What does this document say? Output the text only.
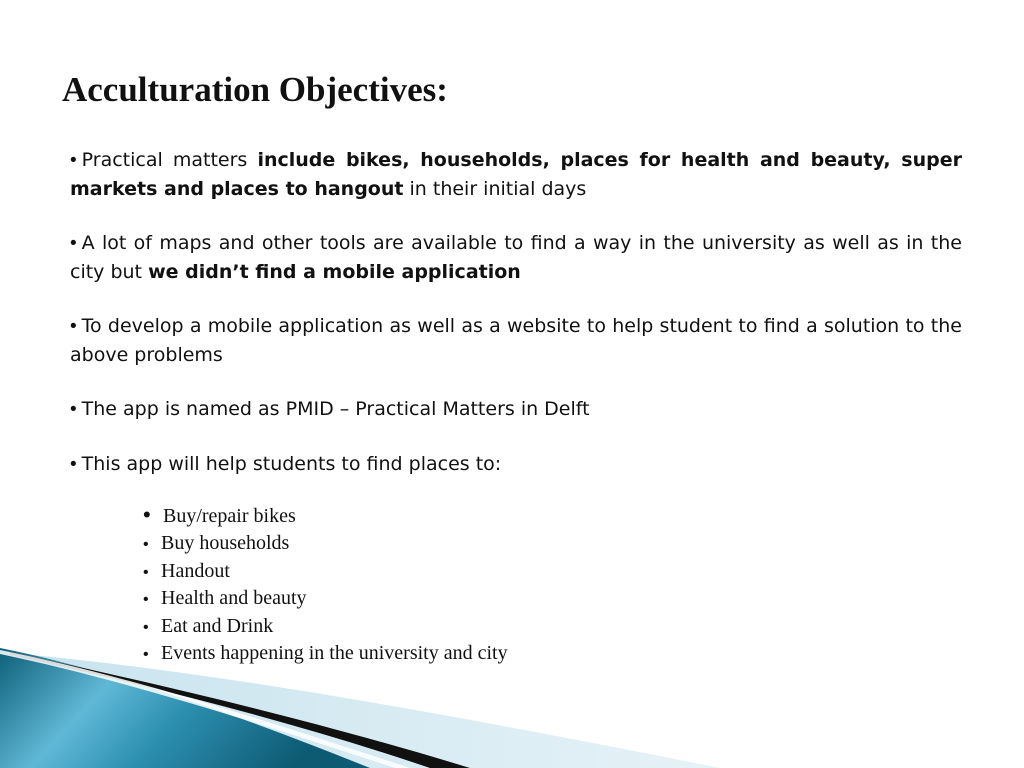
Acculturation Objectives:

• Practical matters include bikes, households, places for health and beauty, super markets and places to hangout in their initial days

• A lot of maps and other tools are available to find a way in the university as well as in the city but we didn’t find a mobile application

• To develop a mobile application as well as a website to help student to find a solution to the above problems

• The app is named as PMID – Practical Matters in Delft

• This app will help students to find places to:

• Buy/repair bikes
• Buy households
• Handout
• Health and beauty
• Eat and Drink
• Events happening in the university and city
